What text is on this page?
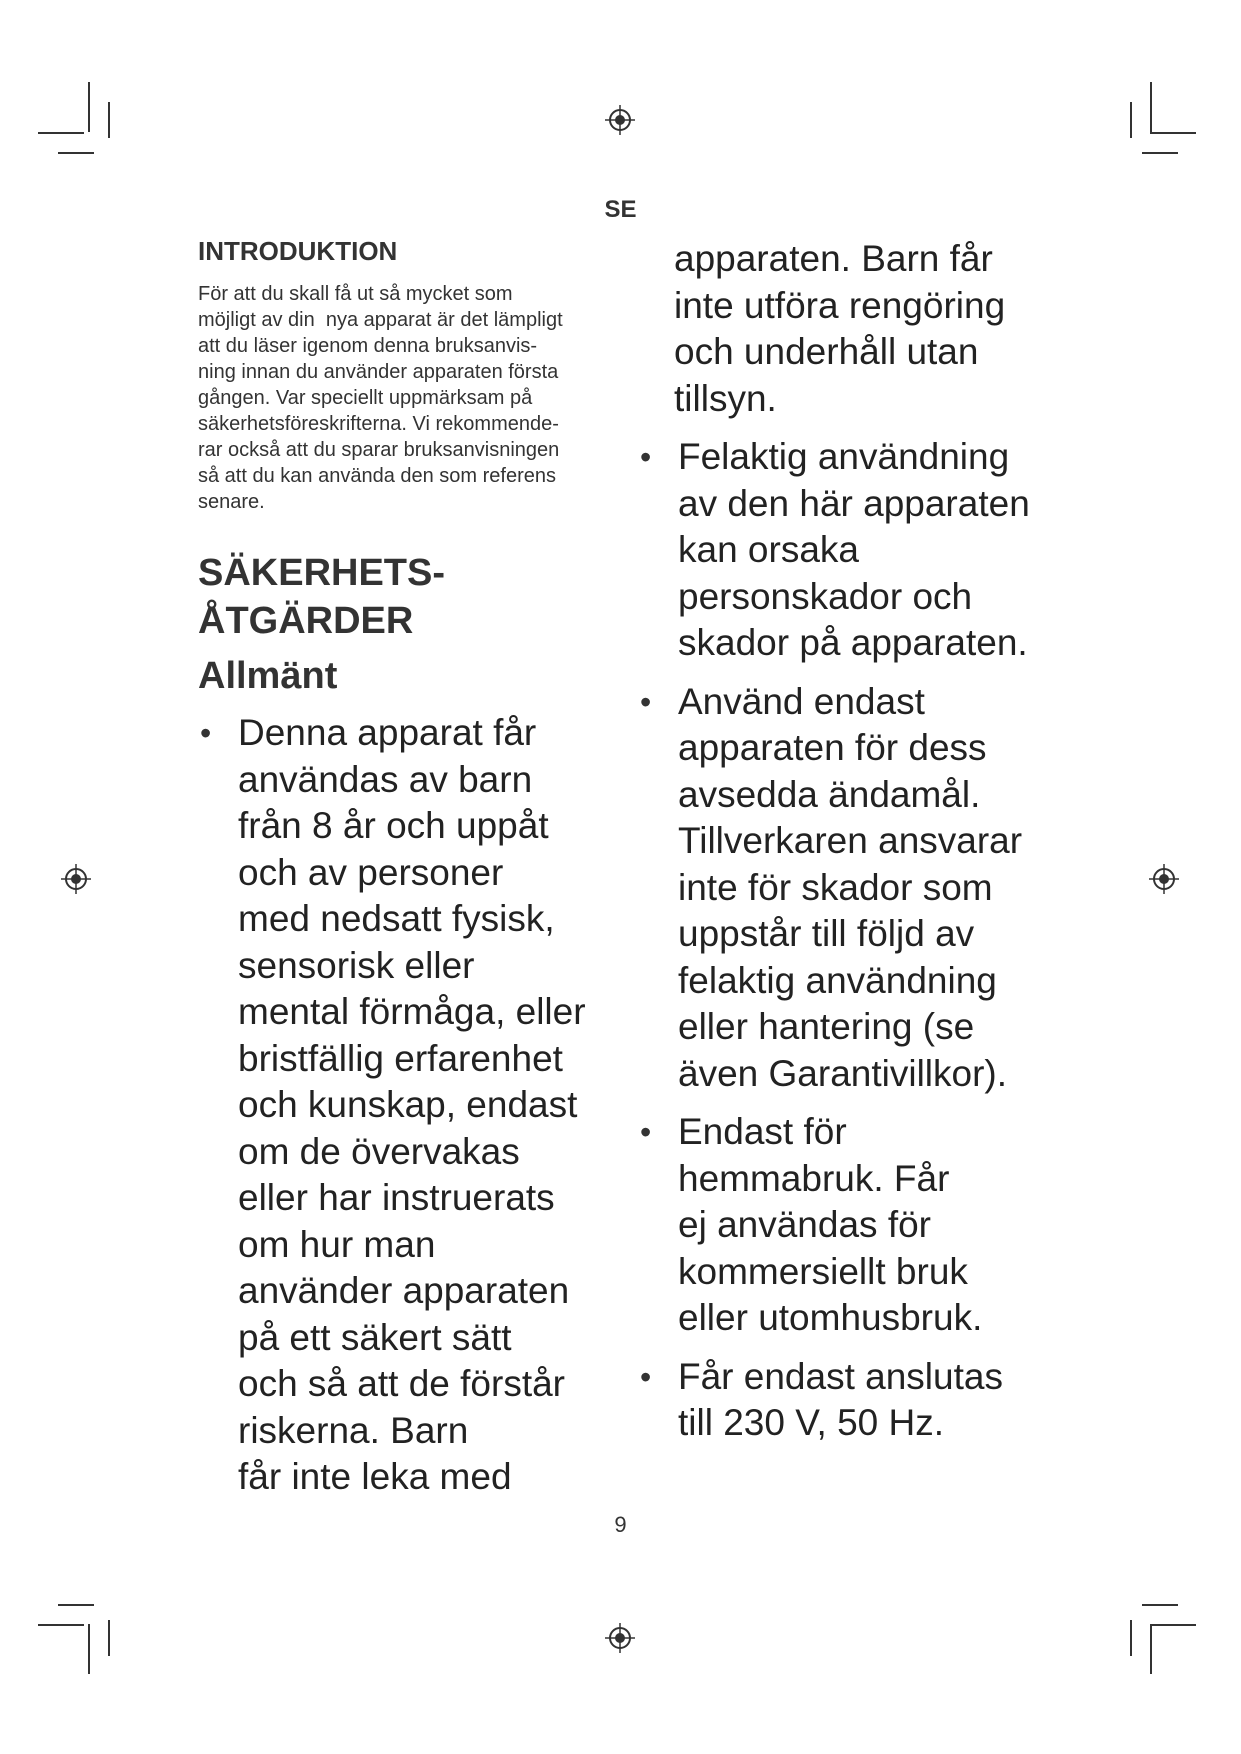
SE
INTRODUKTION
För att du skall få ut så mycket som
möjligt av din  nya apparat är det lämpligt
att du läser igenom denna bruksanvis-
ning innan du använder apparaten första
gången. Var speciellt uppmärksam på
säkerhetsföreskrifterna. Vi rekommende-
rar också att du sparar bruksanvisningen
så att du kan använda den som referens
senare.
SÄKERHETS-
ÅTGÄRDER
Allmänt
• Denna apparat får
användas av barn
från 8 år och uppåt
och av personer
med nedsatt fysisk,
sensorisk eller
mental förmåga, eller
bristfällig erfarenhet
och kunskap, endast
om de övervakas
eller har instruerats
om hur man
använder apparaten
på ett säkert sätt
och så att de förstår
riskerna. Barn
får inte leka med
apparaten. Barn får
inte utföra rengöring
och underhåll utan
tillsyn.
• Felaktig användning
av den här apparaten
kan orsaka
personskador och
skador på apparaten.
• Använd endast
apparaten för dess
avsedda ändamål.
Tillverkaren ansvarar
inte för skador som
uppstår till följd av
felaktig användning
eller hantering (se
även Garantivillkor).
• Endast för
hemmabruk. Får
ej användas för
kommersiellt bruk
eller utomhusbruk.
• Får endast anslutas
till 230 V, 50 Hz.
9
